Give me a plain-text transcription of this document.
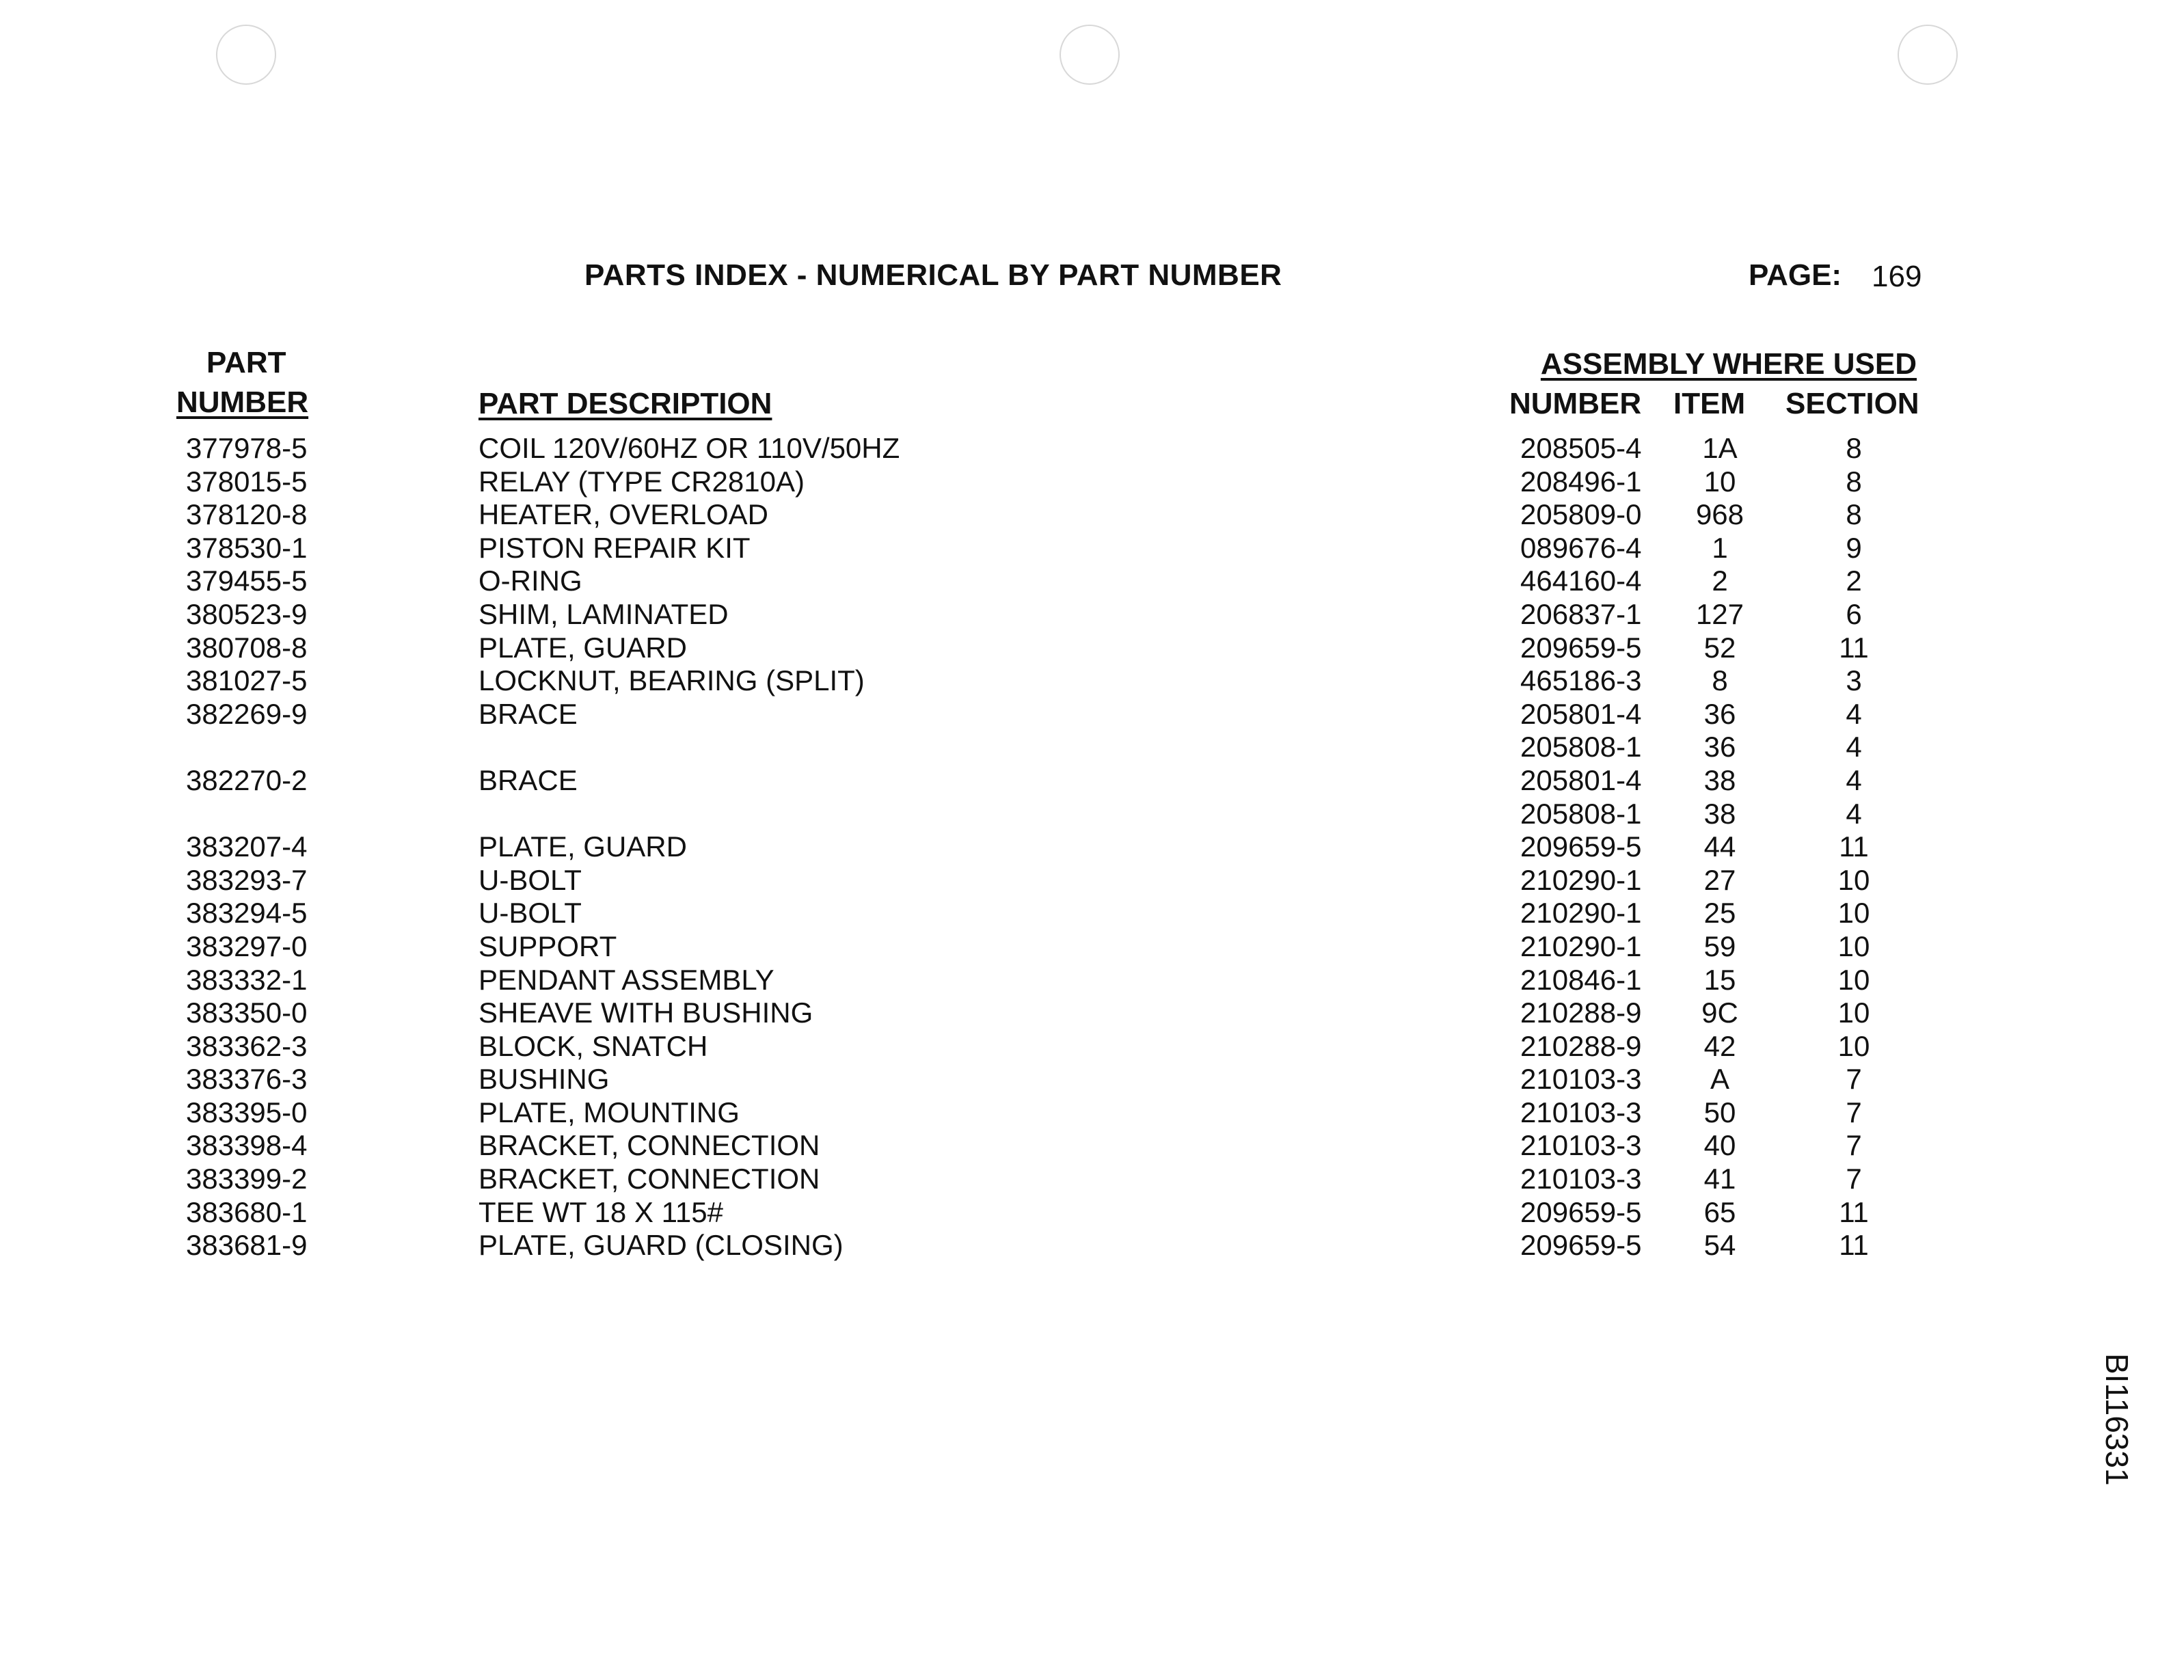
PARTS INDEX - NUMERICAL BY PART NUMBER	PAGE: 169
PART
NUMBER	PART DESCRIPTION
ASSEMBLY WHERE USED
NUMBER ITEM SECTION
377978-5	COIL 120V/60HZ OR 110V/50HZ	208505-4	1A	8
378015-5	RELAY (TYPE CR2810A)	208496-1	10	8
378120-8	HEATER, OVERLOAD	205809-0	968	8
378530-1	PISTON REPAIR KIT	089676-4	1	9
379455-5	O-RING	464160-4	2	2
380523-9	SHIM, LAMINATED	206837-1	127	6
380708-8	PLATE, GUARD	209659-5	52	11
381027-5	LOCKNUT, BEARING (SPLIT)	465186-3	8	3
382269-9	BRACE	205801-4	36	4
205808-1	36	4
382270-2	BRACE	205801-4	38	4
205808-1	38	4
383207-4	PLATE, GUARD	209659-5	44	11
383293-7	U-BOLT	210290-1	27	10
383294-5	U-BOLT	210290-1	25	10
383297-0	SUPPORT	210290-1	59	10
383332-1	PENDANT ASSEMBLY	210846-1	15	10
383350-0	SHEAVE WITH BUSHING	210288-9	9C	10
383362-3	BLOCK, SNATCH	210288-9	42	10
383376-3	BUSHING	210103-3	A	7
383395-0	PLATE, MOUNTING	210103-3	50	7
383398-4	BRACKET, CONNECTION	210103-3	40	7
383399-2	BRACKET, CONNECTION	210103-3	41	7
383680-1	TEE WT 18 X 115#	209659-5	65	11
383681-9	PLATE, GUARD (CLOSING)	209659-5	54	11
BI116331
